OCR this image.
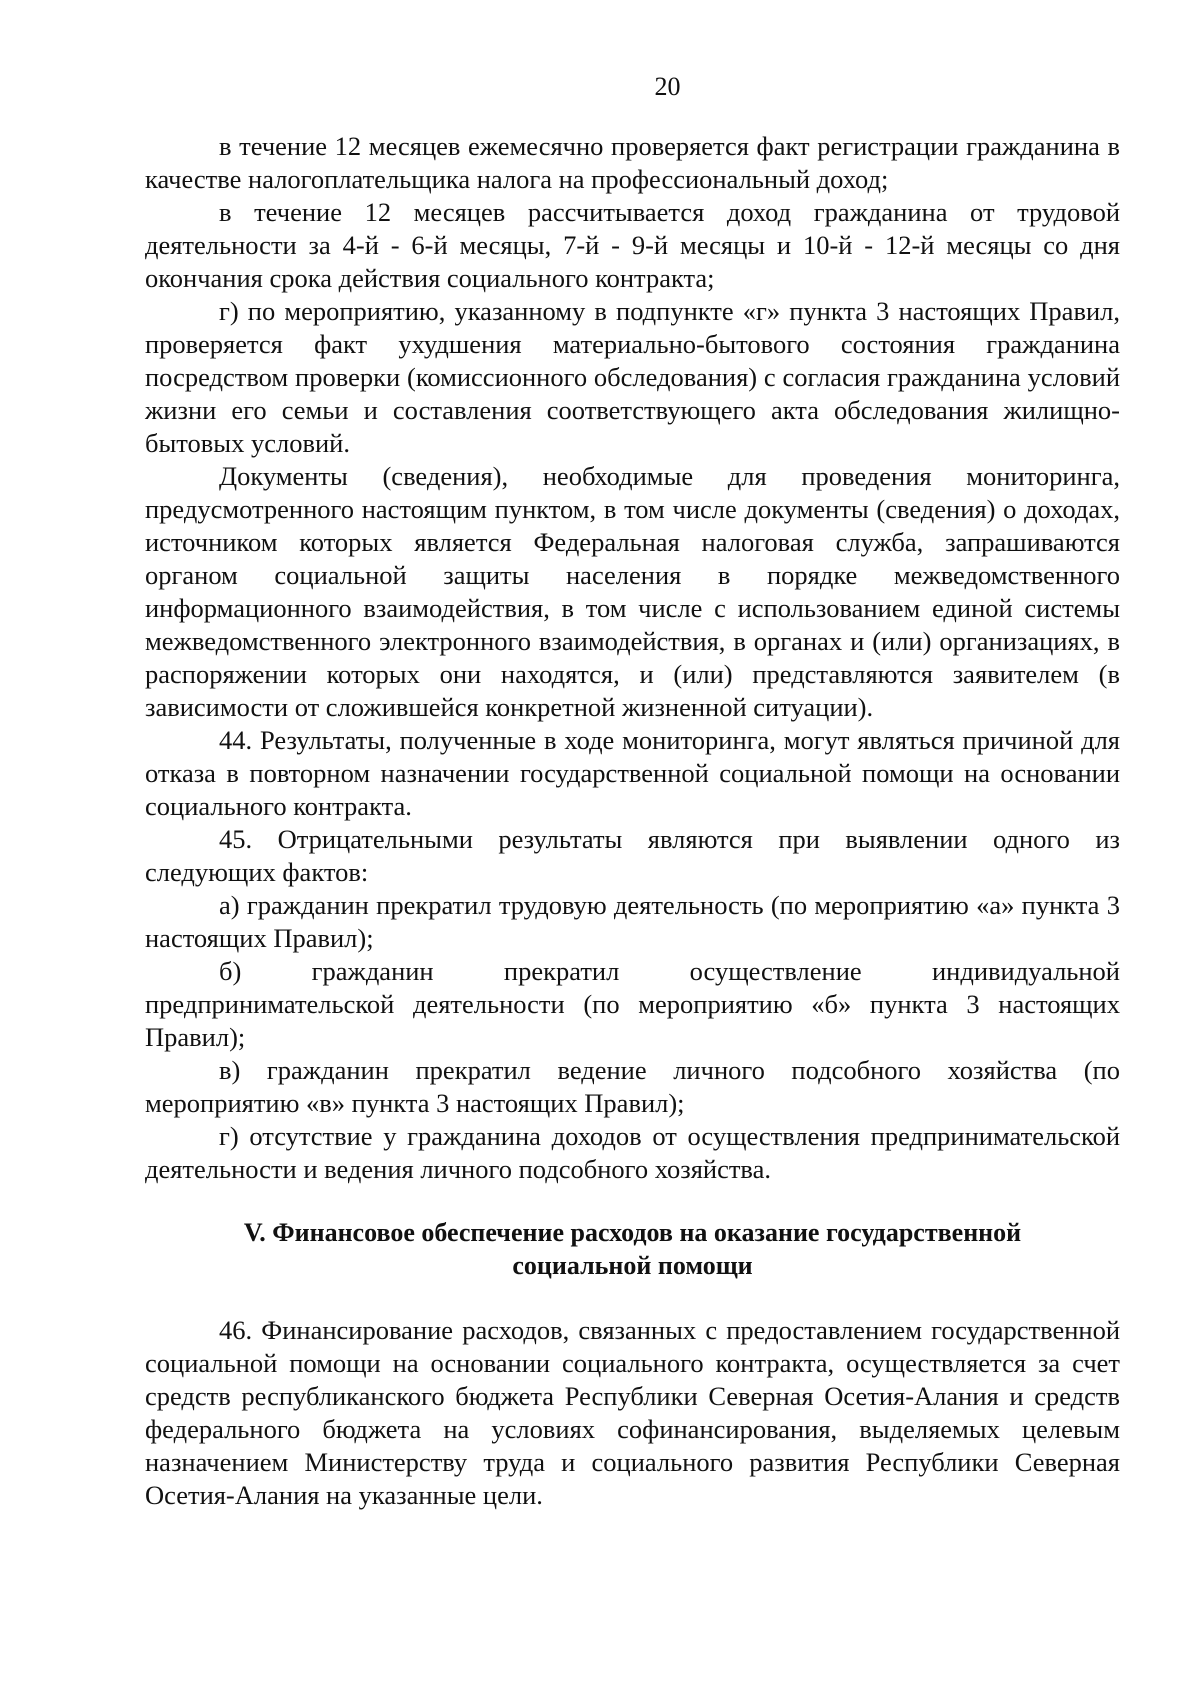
20

в течение 12 месяцев ежемесячно проверяется факт регистрации гражданина в качестве налогоплательщика налога на профессиональный доход;

в течение 12 месяцев рассчитывается доход гражданина от трудовой деятельности за 4-й - 6-й месяцы, 7-й - 9-й месяцы и 10-й - 12-й месяцы со дня окончания срока действия социального контракта;

г) по мероприятию, указанному в подпункте «г» пункта 3 настоящих Правил, проверяется факт ухудшения материально-бытового состояния гражданина посредством проверки (комиссионного обследования) с согласия гражданина условий жизни его семьи и составления соответствующего акта обследования жилищно-бытовых условий.

Документы (сведения), необходимые для проведения мониторинга, предусмотренного настоящим пунктом, в том числе документы (сведения) о доходах, источником которых является Федеральная налоговая служба, запрашиваются органом социальной защиты населения в порядке межведомственного информационного взаимодействия, в том числе с использованием единой системы межведомственного электронного взаимодействия, в органах и (или) организациях, в распоряжении которых они находятся, и (или) представляются заявителем (в зависимости от сложившейся конкретной жизненной ситуации).

44. Результаты, полученные в ходе мониторинга, могут являться причиной для отказа в повторном назначении государственной социальной помощи на основании социального контракта.

45. Отрицательными результаты являются при выявлении одного из следующих фактов:

а) гражданин прекратил трудовую деятельность (по мероприятию «а» пункта 3 настоящих Правил);

б) гражданин прекратил осуществление индивидуальной предпринимательской деятельности (по мероприятию «б» пункта 3 настоящих Правил);

в) гражданин прекратил ведение личного подсобного хозяйства (по мероприятию «в» пункта 3 настоящих Правил);

г) отсутствие у гражданина доходов от осуществления предпринимательской деятельности и ведения личного подсобного хозяйства.

V. Финансовое обеспечение расходов на оказание государственной социальной помощи

46. Финансирование расходов, связанных с предоставлением государственной социальной помощи на основании социального контракта, осуществляется за счет средств республиканского бюджета Республики Северная Осетия-Алания и средств федерального бюджета на условиях софинансирования, выделяемых целевым назначением Министерству труда и социального развития Республики Северная Осетия-Алания на указанные цели.
